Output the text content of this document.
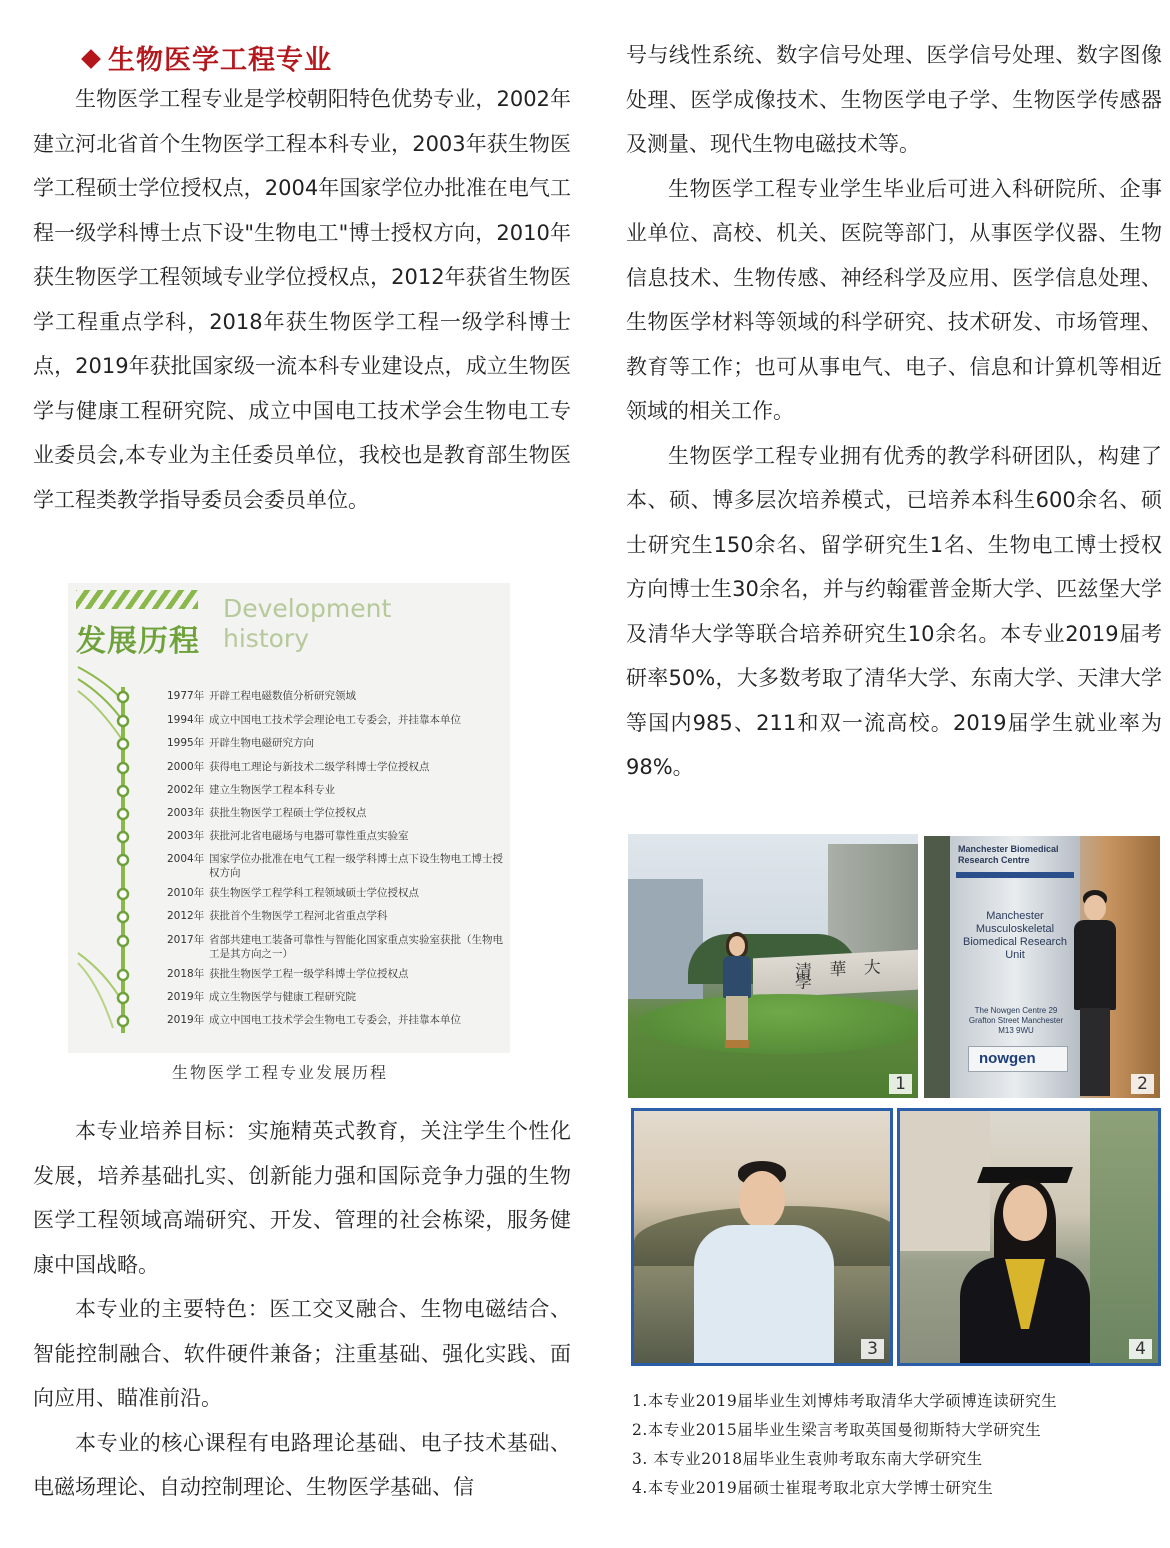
生物医学工程专业

生物医学工程专业是学校朝阳特色优势专业，2002年建立河北省首个生物医学工程本科专业，2003年获生物医学工程硕士学位授权点，2004年国家学位办批准在电气工程一级学科博士点下设"生物电工"博士授权方向，2010年获生物医学工程领域专业学位授权点，2012年获省生物医学工程重点学科，2018年获生物医学工程一级学科博士点，2019年获批国家级一流本科专业建设点，成立生物医学与健康工程研究院、成立中国电工技术学会生物电工专业委员会,本专业为主任委员单位，我校也是教育部生物医学工程类教学指导委员会委员单位。

发展历程
Development
history
1977年 开辟工程电磁数值分析研究领域
1994年 成立中国电工技术学会理论电工专委会，并挂靠本单位
1995年 开辟生物电磁研究方向
2000年 获得电工理论与新技术二级学科博士学位授权点
2002年 建立生物医学工程本科专业
2003年 获批生物医学工程硕士学位授权点
2003年 获批河北省电磁场与电器可靠性重点实验室
2004年 国家学位办批准在电气工程一级学科博士点下设生物电工博士授权方向
2010年 获生物医学工程学科工程领域硕士学位授权点
2012年 获批首个生物医学工程河北省重点学科
2017年 省部共建电工装备可靠性与智能化国家重点实验室获批（生物电工是其方向之一）
2018年 获批生物医学工程一级学科博士学位授权点
2019年 成立生物医学与健康工程研究院
2019年 成立中国电工技术学会生物电工专委会，并挂靠本单位
生物医学工程专业发展历程

本专业培养目标：实施精英式教育，关注学生个性化发展，培养基础扎实、创新能力强和国际竞争力强的生物医学工程领域高端研究、开发、管理的社会栋梁，服务健康中国战略。

本专业的主要特色：医工交叉融合、生物电磁结合、智能控制融合、软件硬件兼备；注重基础、强化实践、面向应用、瞄准前沿。

本专业的核心课程有电路理论基础、电子技术基础、电磁场理论、自动控制理论、生物医学基础、信

号与线性系统、数字信号处理、医学信号处理、数字图像处理、医学成像技术、生物医学电子学、生物医学传感器及测量、现代生物电磁技术等。

生物医学工程专业学生毕业后可进入科研院所、企事业单位、高校、机关、医院等部门，从事医学仪器、生物信息技术、生物传感、神经科学及应用、医学信息处理、生物医学材料等领域的科学研究、技术研发、市场管理、教育等工作；也可从事电气、电子、信息和计算机等相近领域的相关工作。

生物医学工程专业拥有优秀的教学科研团队，构建了本、硕、博多层次培养模式，已培养本科生600余名、硕士研究生150余名、留学研究生1名、生物电工博士授权方向博士生30余名，并与约翰霍普金斯大学、匹兹堡大学及清华大学等联合培养研究生10余名。本专业2019届考研率50%，大多数考取了清华大学、东南大学、天津大学等国内985、211和双一流高校。2019届学生就业率为98%。

清 華 大 學
1
Manchester Biomedical Research Centre
Manchester Musculoskeletal Biomedical Research Unit
The Nowgen Centre 29 Grafton Street Manchester M13 9WU
nowgen
2
3	4
1.本专业2019届毕业生刘博炜考取清华大学硕博连读研究生
2.本专业2015届毕业生梁言考取英国曼彻斯特大学研究生
3. 本专业2018届毕业生袁帅考取东南大学研究生
4.本专业2019届硕士崔琨考取北京大学博士研究生
